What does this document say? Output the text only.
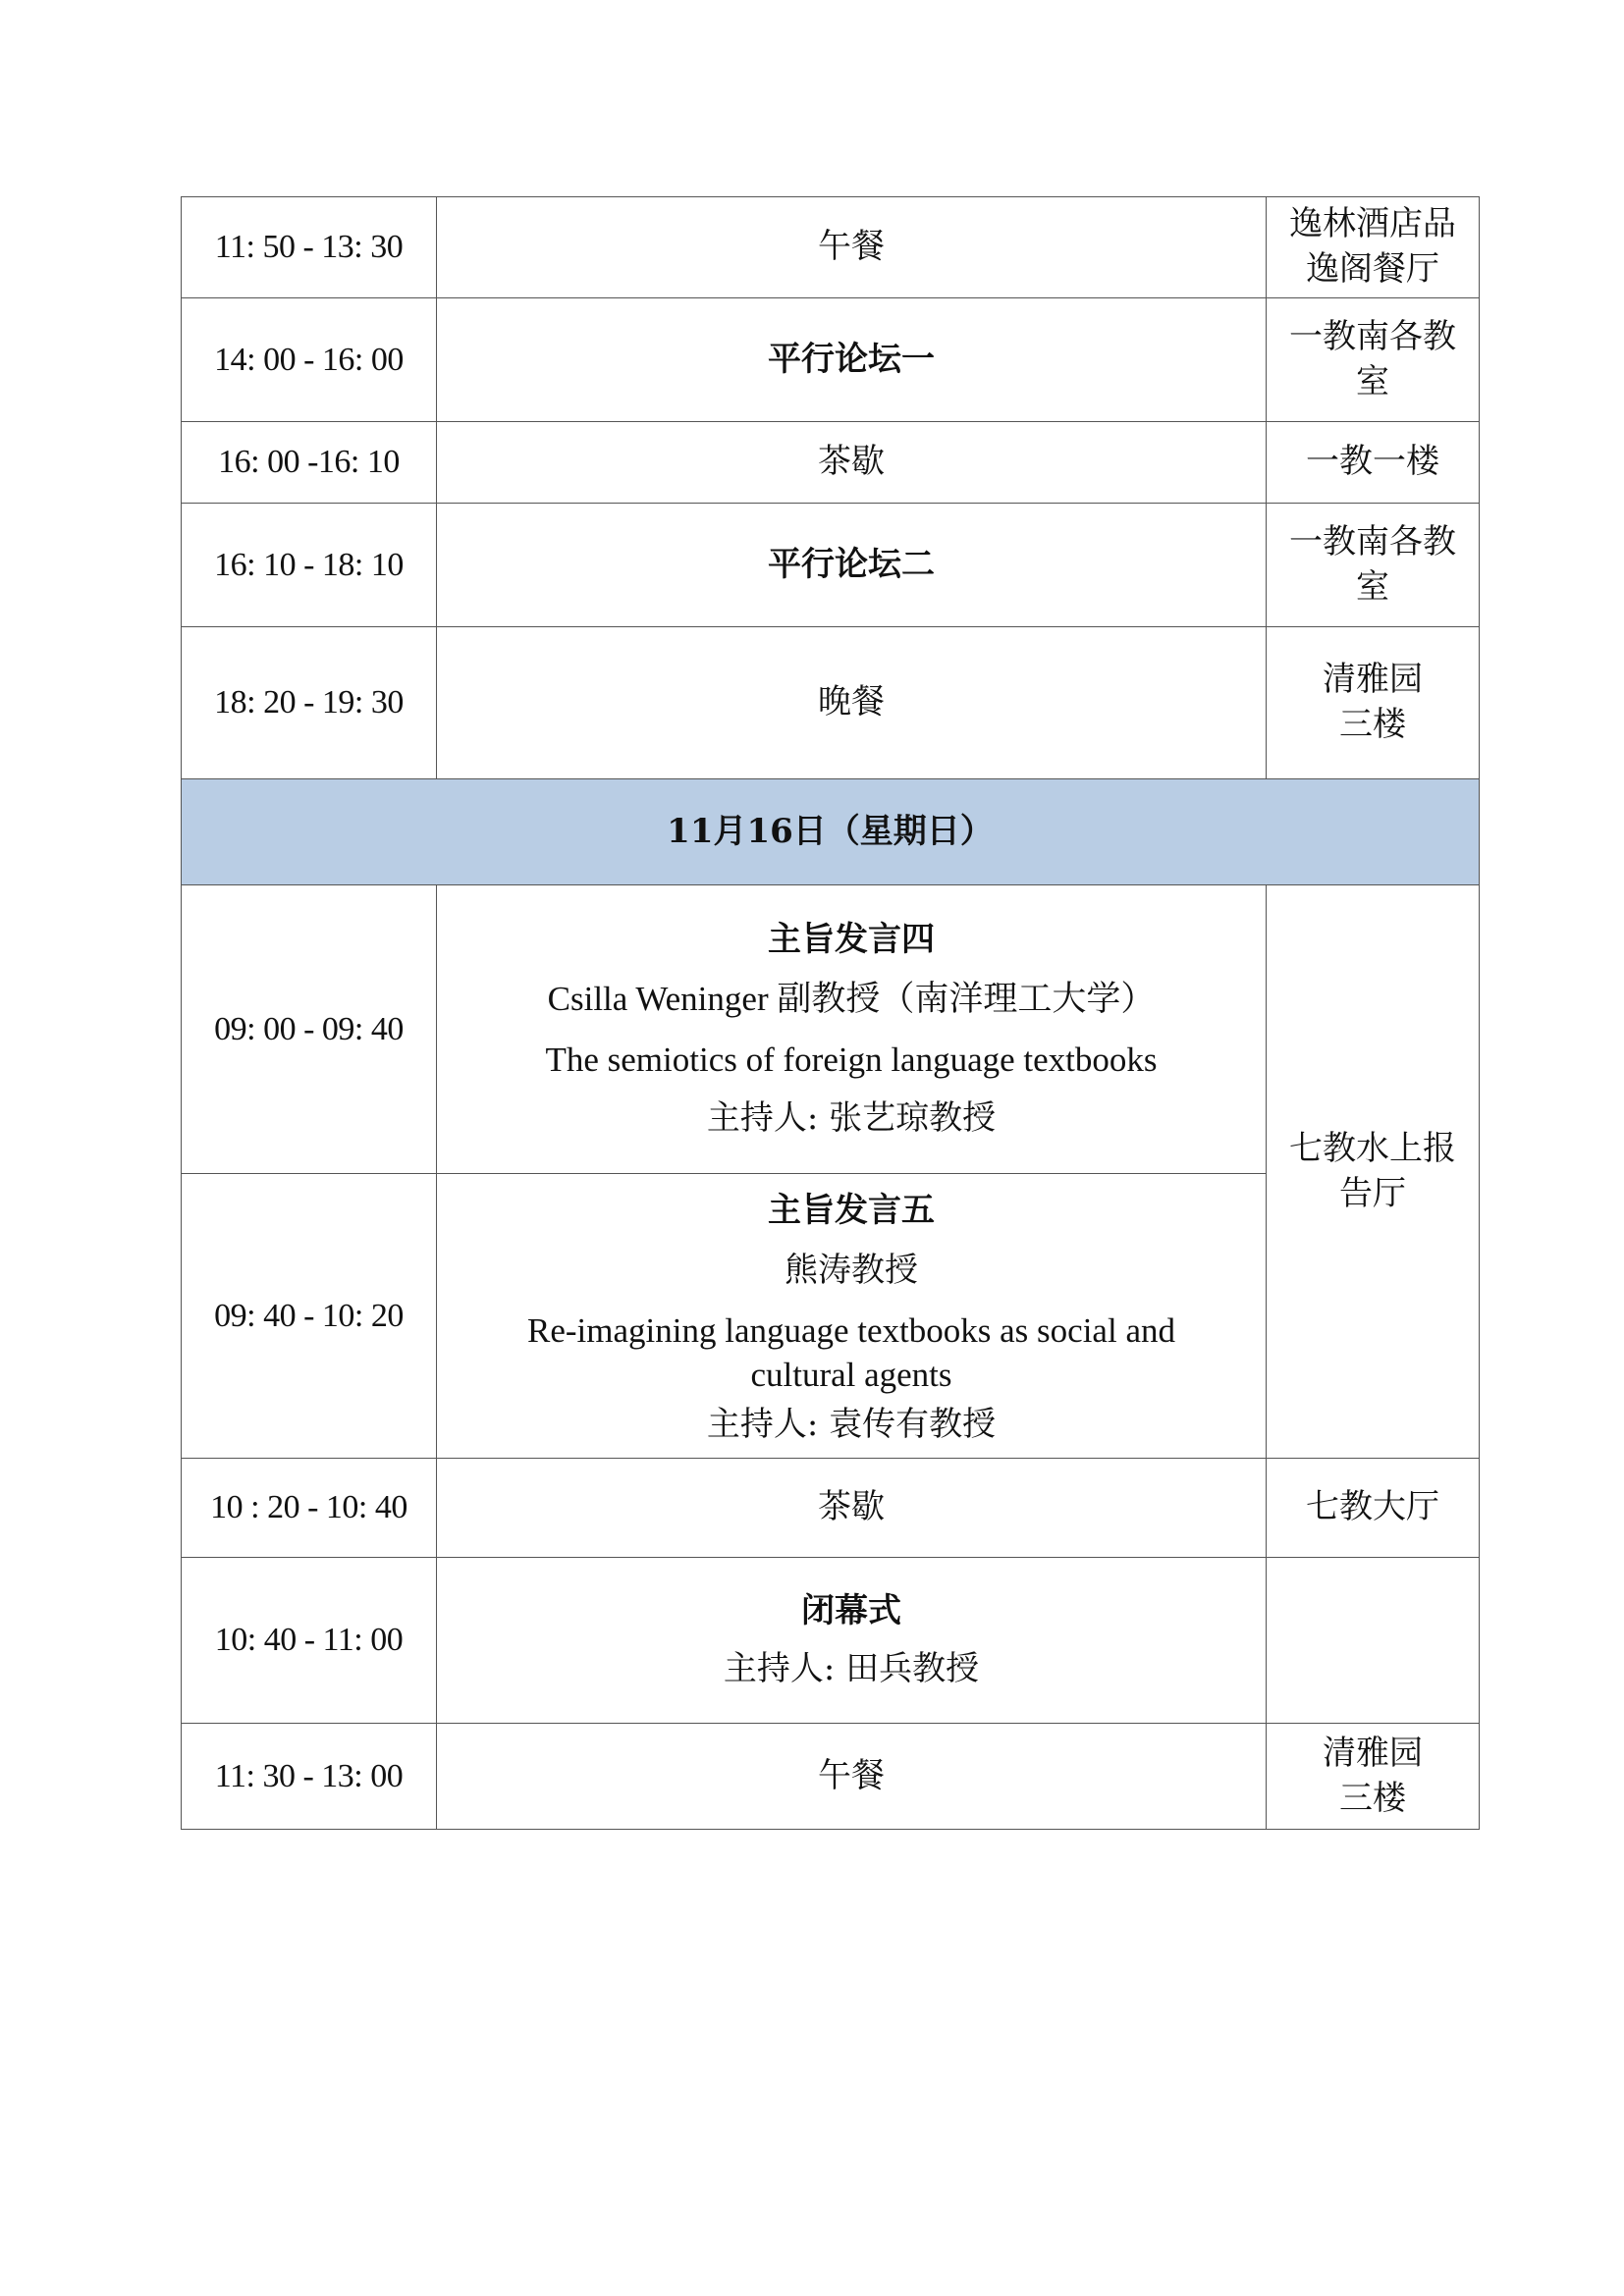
11: 50 - 13: 30	午餐	逸林酒店品
逸阁餐厅

14: 00 - 16: 00	平行论坛一	一教南各教
室

16: 00 -16: 10	茶歇	一教一楼
16: 10 - 18: 10	平行论坛二	一教南各教
室

18: 20 - 19: 30	晚餐	清雅园
三楼

11月16日（星期日）		
09: 00 - 09: 40	主旨发言四
Csilla Weninger 副教授（南洋理工大学）
The semiotics of foreign language textbooks
主持人: 张艺琼教授	七教水上报
告厅

09: 40 - 10: 20	主旨发言五
熊涛教授
Re-imagining language textbooks as social and
cultural agents
主持人: 袁传有教授	

10 : 20 - 10: 40	茶歇	七教大厅
10: 40 - 11: 00	闭幕式
主持人: 田兵教授	

11: 30 - 13: 00	午餐	清雅园
三楼
